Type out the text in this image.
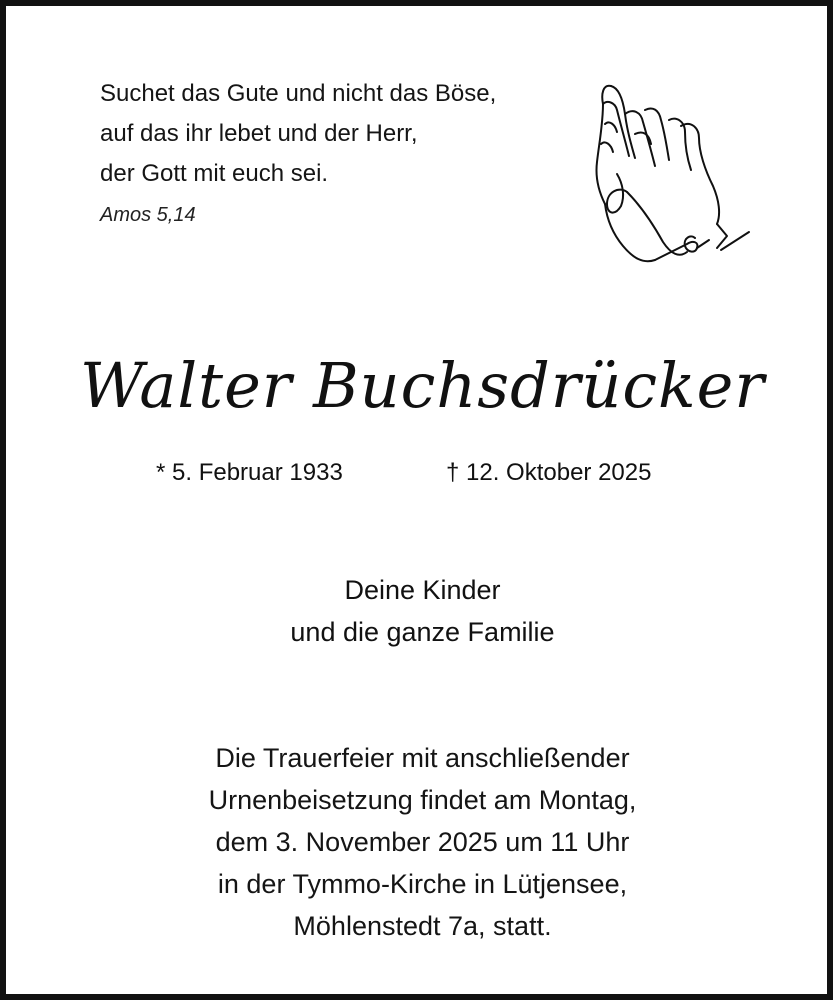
Suchet das Gute und nicht das Böse,
auf das ihr lebet und der Herr,
der Gott mit euch sei.
Amos 5,14
Walter Buchsdrücker
* 5. Februar 1933	† 12. Oktober 2025
Deine Kinder
und die ganze Familie
Die Trauerfeier mit anschließender
Urnenbeisetzung findet am Montag,
dem 3. November 2025 um 11 Uhr
in der Tymmo-Kirche in Lütjensee,
Möhlenstedt 7a, statt.
